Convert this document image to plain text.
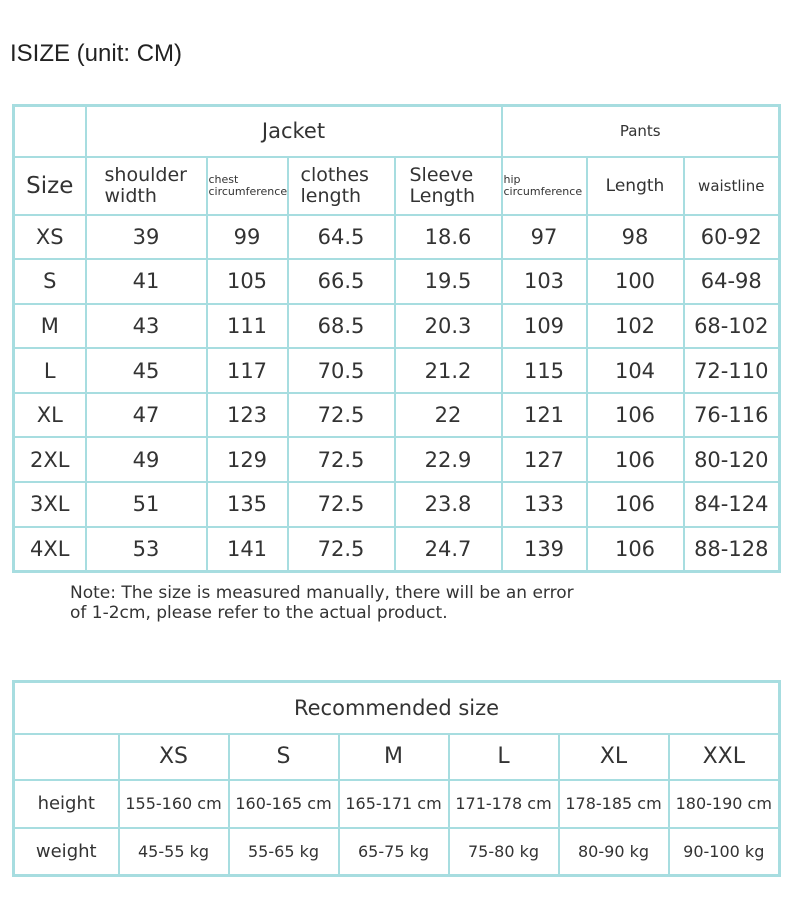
ISIZE (unit: CM)
	Jacket				Pants		
Size	shoulder width	chest circumference	clothes length	Sleeve Length	hip circumference	Length	waistline
XS	39	99	64.5	18.6	97	98	60-92
S	41	105	66.5	19.5	103	100	64-98
M	43	111	68.5	20.3	109	102	68-102
L	45	117	70.5	21.2	115	104	72-110
XL	47	123	72.5	22	121	106	76-116
2XL	49	129	72.5	22.9	127	106	80-120
3XL	51	135	72.5	23.8	133	106	84-124
4XL	53	141	72.5	24.7	139	106	88-128
Note: The size is measured manually, there will be an error of 1-2cm, please refer to the actual product.
Recommended size						
	XS	S	M	L	XL	XXL
height	155-160 cm	160-165 cm	165-171 cm	171-178 cm	178-185 cm	180-190 cm
weight	45-55 kg	55-65 kg	65-75 kg	75-80 kg	80-90 kg	90-100 kg
